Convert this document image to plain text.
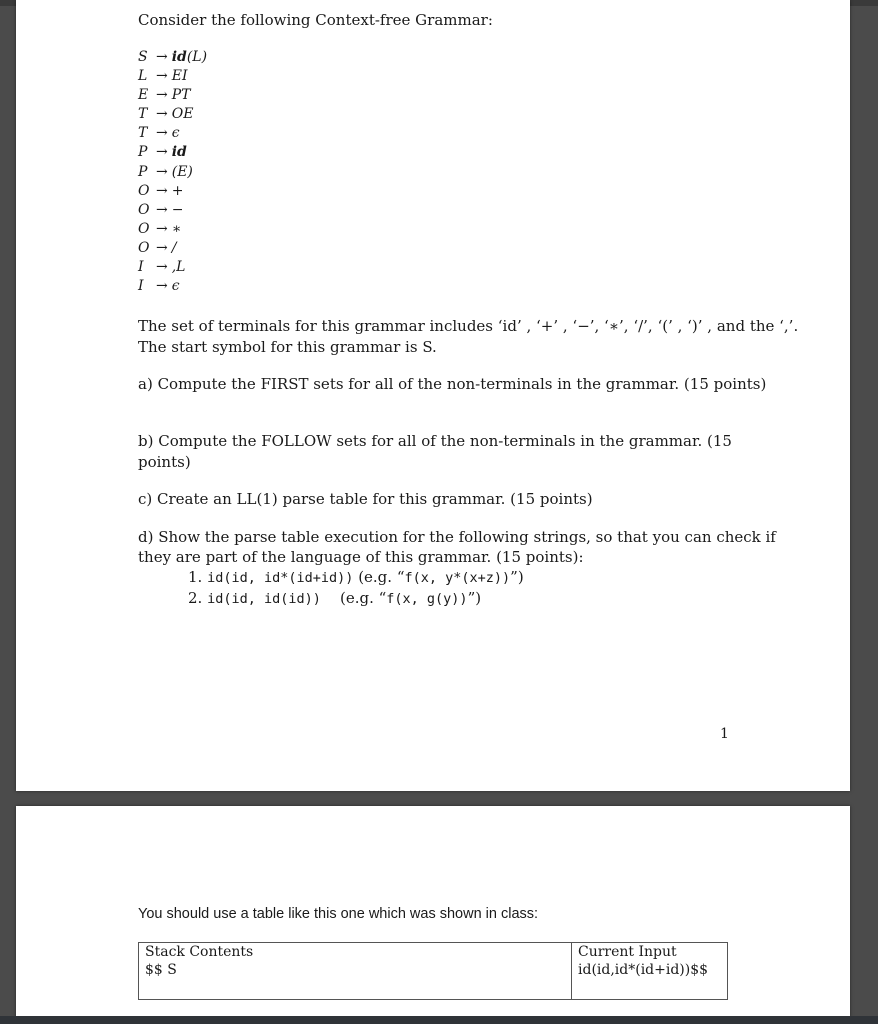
Consider the following Context-free Grammar:
S → id(L)
L → EI
E → PT
T → OE
T → ϵ
P → id
P → (E)
O → +
O → −
O → ∗
O → /
I → ,L
I → ϵ
The set of terminals for this grammar includes ‘id’ , ‘+’ , ‘−’, ‘∗’, ‘/’, ‘(’ , ‘)’ , and the ‘,’.
The start symbol for this grammar is S.
a) Compute the FIRST sets for all of the non-terminals in the grammar. (15 points)
b) Compute the FOLLOW sets for all of the non-terminals in the grammar. (15
points)
c) Create an LL(1) parse table for this grammar. (15 points)
d) Show the parse table execution for the following strings, so that you can check if
they are part of the language of this grammar. (15 points):
1. id(id, id*(id+id)) (e.g. “f(x, y*(x+z))”)
2. id(id, id(id)) (e.g. “f(x, g(y))”)
1
You should use a table like this one which was shown in class:
Stack Contents	Current Input
$$ S	id(id,id*(id+id))$$
